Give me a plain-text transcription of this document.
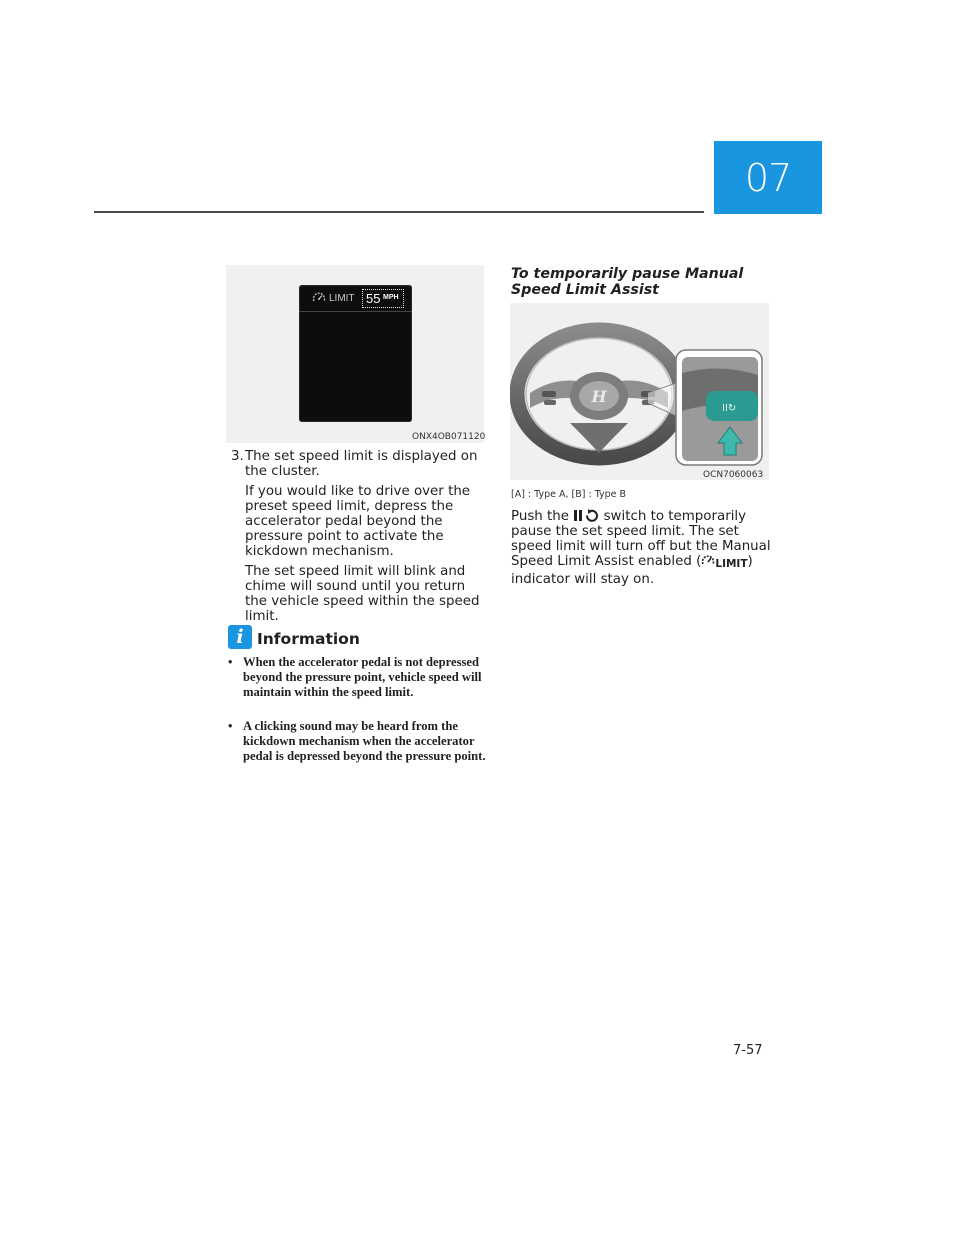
07
LIMIT 55 MPH
ONX4OB071120
3. The set speed limit is displayed on the cluster.
If you would like to drive over the preset speed limit, depress the accelerator pedal beyond the pressure point to activate the kickdown mechanism.
The set speed limit will blink and chime will sound until you return the vehicle speed within the speed limit.
i Information
• When the accelerator pedal is not depressed beyond the pressure point, vehicle speed will maintain within the speed limit.
• A clicking sound may be heard from the kickdown mechanism when the accelerator pedal is depressed beyond the pressure point.
To temporarily pause Manual Speed Limit Assist
H
II↻
OCN7060063
[A] : Type A, [B] : Type B
Push the	switch to temporarily pause the set speed limit. The set speed limit will turn off but the Manual Speed Limit Assist enabled ( LIMIT) indicator will stay on.
7-57
